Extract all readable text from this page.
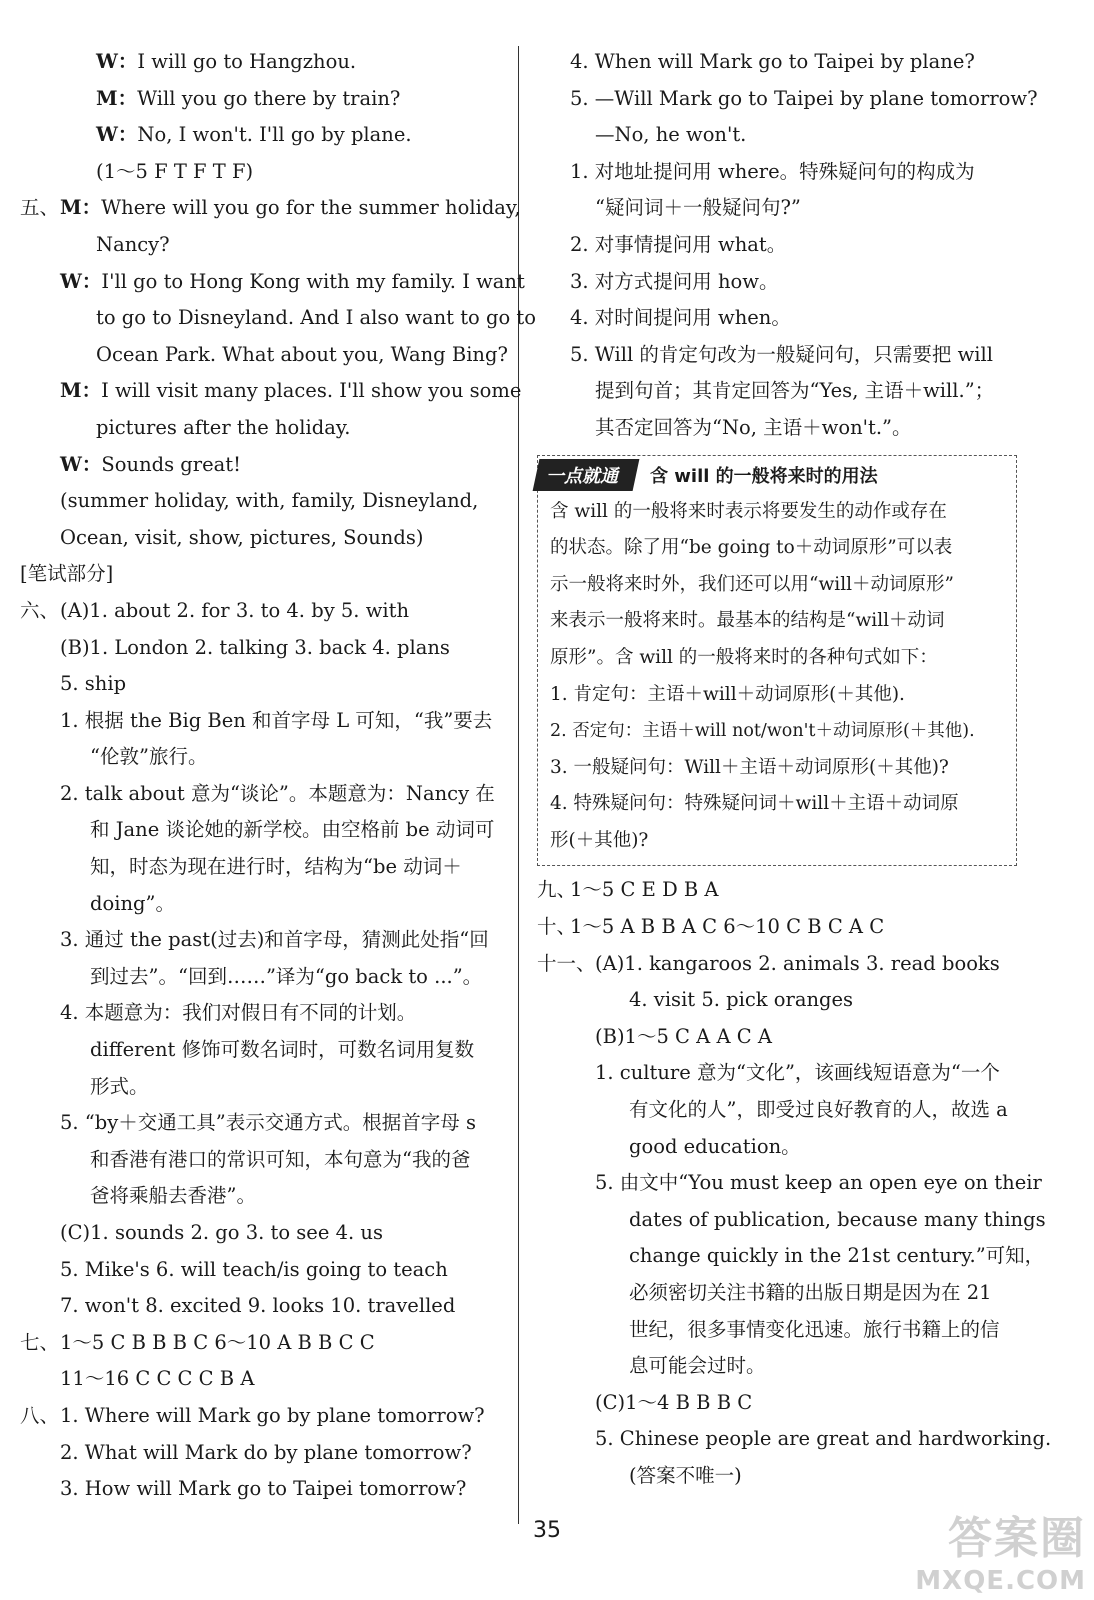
W：I will go to Hangzhou.
M：Will you go there by train?
W：No, I won't. I'll go by plane.
(1～5 F T F T F)
五、M：Where will you go for the summer holiday,
Nancy?
W：I'll go to Hong Kong with my family. I want
to go to Disneyland. And I also want to go to
Ocean Park. What about you, Wang Bing?
M：I will visit many places. I'll show you some
pictures after the holiday.
W：Sounds great!
(summer holiday, with, family, Disneyland,
Ocean, visit, show, pictures, Sounds)
[笔试部分]
六、(A)1. about 2. for 3. to 4. by 5. with
(B)1. London 2. talking 3. back 4. plans
5. ship
1. 根据 the Big Ben 和首字母 L 可知，“我”要去
“伦敦”旅行。
2. talk about 意为“谈论”。本题意为：Nancy 在
和 Jane 谈论她的新学校。由空格前 be 动词可
知，时态为现在进行时，结构为“be 动词＋
doing”。
3. 通过 the past(过去)和首字母，猜测此处指“回
到过去”。“回到……”译为“go back to ...”。
4. 本题意为：我们对假日有不同的计划。
different 修饰可数名词时，可数名词用复数
形式。
5. “by＋交通工具”表示交通方式。根据首字母 s
和香港有港口的常识可知，本句意为“我的爸
爸将乘船去香港”。
(C)1. sounds 2. go 3. to see 4. us
5. Mike's 6. will teach/is going to teach
7. won't 8. excited 9. looks 10. travelled
七、1～5 C B B B C 6～10 A B B C C
11～16 C C C C B A
八、1. Where will Mark go by plane tomorrow?
2. What will Mark do by plane tomorrow?
3. How will Mark go to Taipei tomorrow?
4. When will Mark go to Taipei by plane?
5. —Will Mark go to Taipei by plane tomorrow?
—No, he won't.
1. 对地址提问用 where。特殊疑问句的构成为
“疑问词＋一般疑问句?”
2. 对事情提问用 what。
3. 对方式提问用 how。
4. 对时间提问用 when。
5. Will 的肯定句改为一般疑问句，只需要把 will
提到句首；其肯定回答为“Yes, 主语＋will.”；
其否定回答为“No, 主语＋won't.”。
一点就通	含 will 的一般将来时的用法
含 will 的一般将来时表示将要发生的动作或存在
的状态。除了用“be going to＋动词原形”可以表
示一般将来时外，我们还可以用“will＋动词原形”
来表示一般将来时。最基本的结构是“will＋动词
原形”。含 will 的一般将来时的各种句式如下：
1. 肯定句：主语＋will＋动词原形(＋其他).
2. 否定句：主语＋will not/won't＋动词原形(＋其他).
3. 一般疑问句：Will＋主语＋动词原形(＋其他)?
4. 特殊疑问句：特殊疑问词＋will＋主语＋动词原
形(＋其他)?
九、1～5 C E D B A
十、1～5 A B B A C 6～10 C B C A C
十一、(A)1. kangaroos 2. animals 3. read books
4. visit 5. pick oranges
(B)1～5 C A A C A
1. culture 意为“文化”，该画线短语意为“一个
有文化的人”，即受过良好教育的人，故选 a
good education。
5. 由文中“You must keep an open eye on their
dates of publication, because many things
change quickly in the 21st century.”可知，
必须密切关注书籍的出版日期是因为在 21
世纪，很多事情变化迅速。旅行书籍上的信
息可能会过时。
(C)1～4 B B B C
5. Chinese people are great and hardworking.
(答案不唯一)
35	答案圈
MXQE.COM
